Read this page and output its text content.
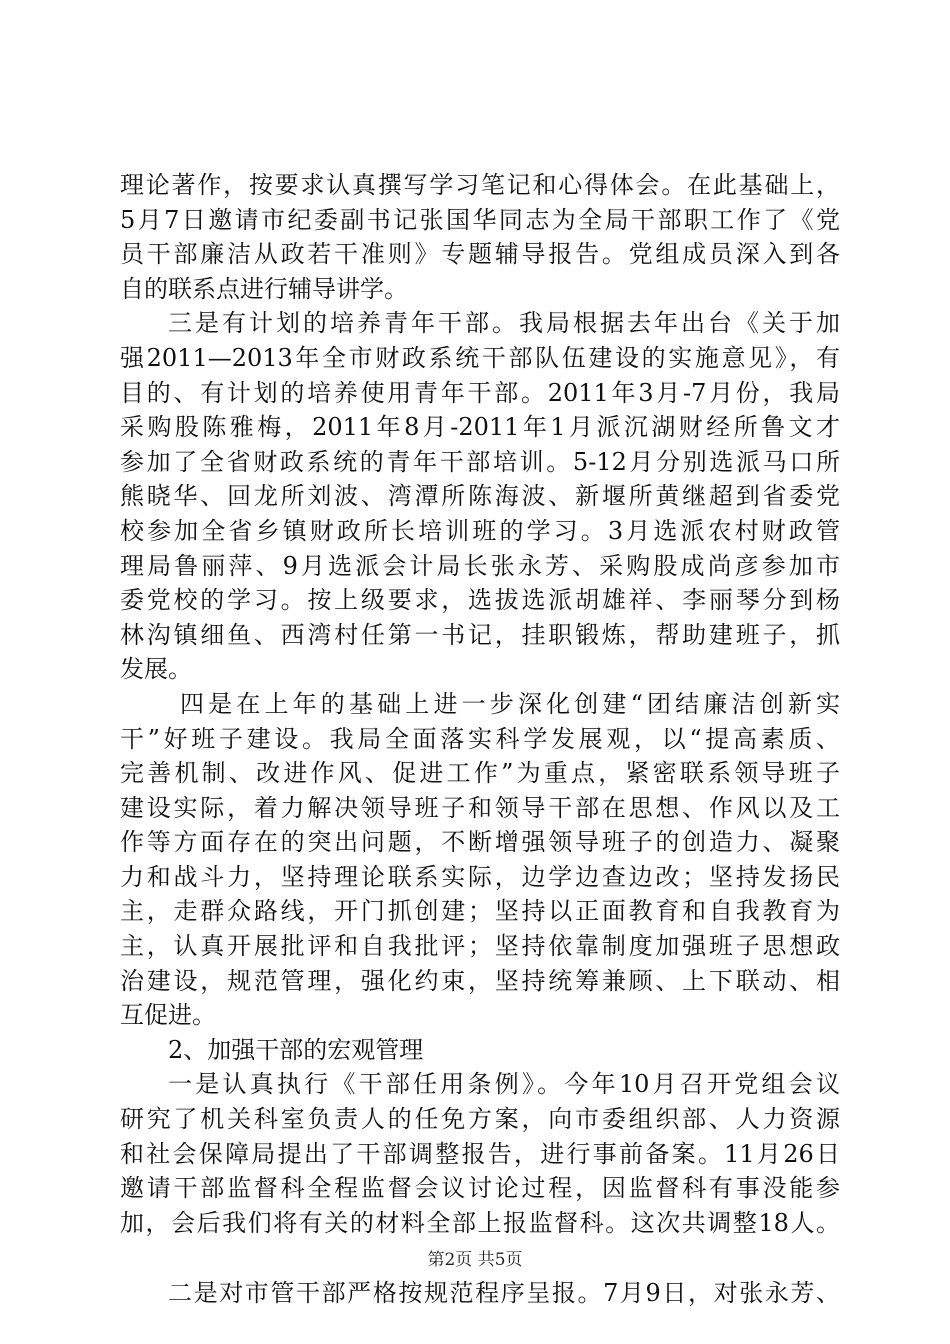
理论著作，按要求认真撰写学习笔记和心得体会。在此基础上，
5月7日邀请市纪委副书记张国华同志为全局干部职工作了《党
员干部廉洁从政若干准则》专题辅导报告。党组成员深入到各
自的联系点进行辅导讲学。
三是有计划的培养青年干部。我局根据去年出台《关于加
强2011—2013年全市财政系统干部队伍建设的实施意见》，有
目的、有计划的培养使用青年干部。2011年3月-7月份，我局
采购股陈雅梅，2011年8月-2011年1月派沉湖财经所鲁文才
参加了全省财政系统的青年干部培训。5-12月分别选派马口所
熊晓华、回龙所刘波、湾潭所陈海波、新堰所黄继超到省委党
校参加全省乡镇财政所长培训班的学习。3月选派农村财政管
理局鲁丽萍、9月选派会计局长张永芳、采购股成尚彦参加市
委党校的学习。按上级要求，选拔选派胡雄祥、李丽琴分到杨
林沟镇细鱼、西湾村任第一书记，挂职锻炼，帮助建班子，抓
发展。
四是在上年的基础上进一步深化创建“团结廉洁创新实
干”好班子建设。我局全面落实科学发展观，以“提高素质、
完善机制、改进作风、促进工作”为重点，紧密联系领导班子
建设实际，着力解决领导班子和领导干部在思想、作风以及工
作等方面存在的突出问题，不断增强领导班子的创造力、凝聚
力和战斗力，坚持理论联系实际，边学边查边改；坚持发扬民
主，走群众路线，开门抓创建；坚持以正面教育和自我教育为
主，认真开展批评和自我批评；坚持依靠制度加强班子思想政
治建设，规范管理，强化约束，坚持统筹兼顾、上下联动、相
互促进。
2、加强干部的宏观管理
一是认真执行《干部任用条例》。今年10月召开党组会议
研究了机关科室负责人的任免方案，向市委组织部、人力资源
和社会保障局提出了干部调整报告，进行事前备案。11月26日
邀请干部监督科全程监督会议讨论过程，因监督科有事没能参
加，会后我们将有关的材料全部上报监督科。这次共调整18人。
二是对市管干部严格按规范程序呈报。7月9日，对张永芳、
第2页 共5页
